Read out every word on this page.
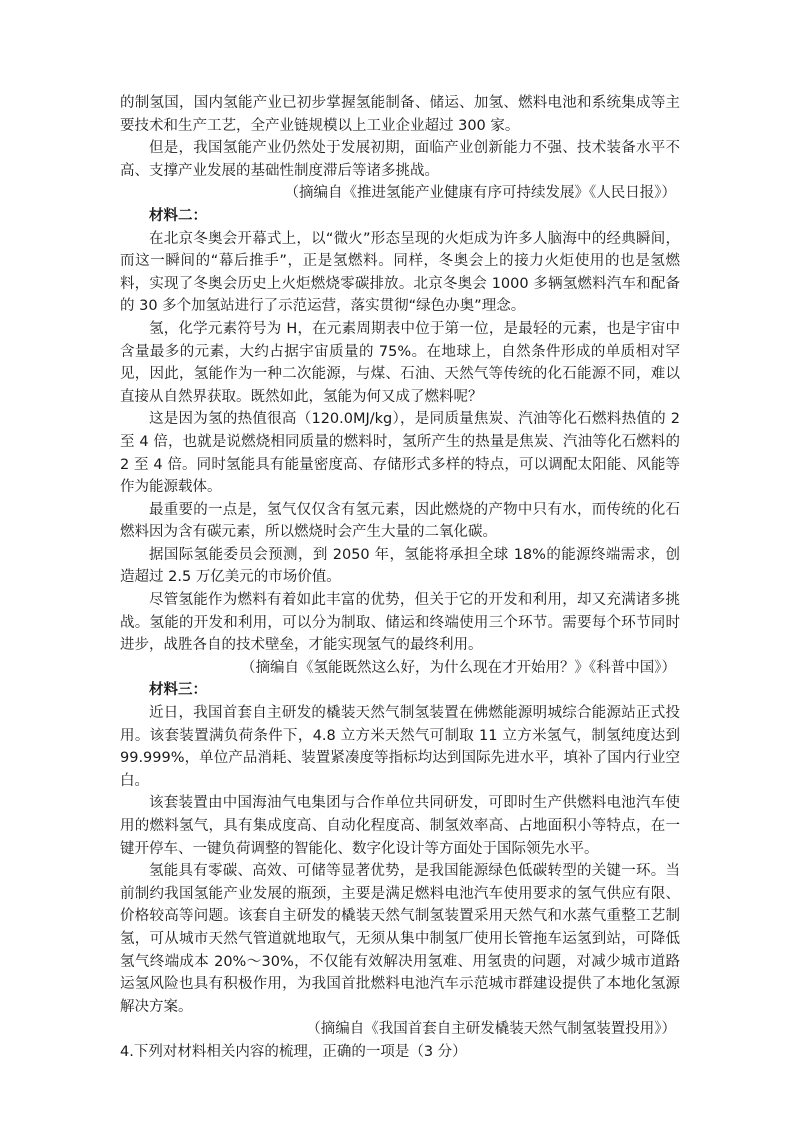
的制氢国，国内氢能产业已初步掌握氢能制备、储运、加氢、燃料电池和系统集成等主要技术和生产工艺，全产业链规模以上工业企业超过 300 家。
但是，我国氢能产业仍然处于发展初期，面临产业创新能力不强、技术装备水平不高、支撑产业发展的基础性制度滞后等诸多挑战。
（摘编自《推进氢能产业健康有序可持续发展》《人民日报》）
材料二：
在北京冬奥会开幕式上，以“微火”形态呈现的火炬成为许多人脑海中的经典瞬间，而这一瞬间的“幕后推手”，正是氢燃料。同样，冬奥会上的接力火炬使用的也是氢燃料，实现了冬奥会历史上火炬燃烧零碳排放。北京冬奥会 1000 多辆氢燃料汽车和配备的 30 多个加氢站进行了示范运营，落实贯彻“绿色办奥”理念。
氢，化学元素符号为 H，在元素周期表中位于第一位，是最轻的元素，也是宇宙中含量最多的元素，大约占据宇宙质量的 75%。在地球上，自然条件形成的单质相对罕见，因此，氢能作为一种二次能源，与煤、石油、天然气等传统的化石能源不同，难以直接从自然界获取。既然如此，氢能为何又成了燃料呢？
这是因为氢的热值很高（120.0MJ/kg），是同质量焦炭、汽油等化石燃料热值的 2 至 4 倍，也就是说燃烧相同质量的燃料时，氢所产生的热量是焦炭、汽油等化石燃料的 2 至 4 倍。同时氢能具有能量密度高、存储形式多样的特点，可以调配太阳能、风能等作为能源载体。
最重要的一点是，氢气仅仅含有氢元素，因此燃烧的产物中只有水，而传统的化石燃料因为含有碳元素，所以燃烧时会产生大量的二氧化碳。
据国际氢能委员会预测，到 2050 年，氢能将承担全球 18%的能源终端需求，创造超过 2.5 万亿美元的市场价值。
尽管氢能作为燃料有着如此丰富的优势，但关于它的开发和利用，却又充满诸多挑战。氢能的开发和利用，可以分为制取、储运和终端使用三个环节。需要每个环节同时进步，战胜各自的技术壁垒，才能实现氢气的最终利用。
（摘编自《氢能既然这么好，为什么现在才开始用？》《科普中国》）
材料三：
近日，我国首套自主研发的橇装天然气制氢装置在佛燃能源明城综合能源站正式投用。该套装置满负荷条件下，4.8 立方米天然气可制取 11 立方米氢气，制氢纯度达到 99.999%，单位产品消耗、装置紧凑度等指标均达到国际先进水平，填补了国内行业空白。
该套装置由中国海油气电集团与合作单位共同研发，可即时生产供燃料电池汽车使用的燃料氢气，具有集成度高、自动化程度高、制氢效率高、占地面积小等特点，在一键开停车、一键负荷调整的智能化、数字化设计等方面处于国际领先水平。
氢能具有零碳、高效、可储等显著优势，是我国能源绿色低碳转型的关键一环。当前制约我国氢能产业发展的瓶颈，主要是满足燃料电池汽车使用要求的氢气供应有限、价格较高等问题。该套自主研发的橇装天然气制氢装置采用天然气和水蒸气重整工艺制氢，可从城市天然气管道就地取气，无须从集中制氢厂使用长管拖车运氢到站，可降低氢气终端成本 20%～30%，不仅能有效解决用氢难、用氢贵的问题，对减少城市道路运氢风险也具有积极作用，为我国首批燃料电池汽车示范城市群建设提供了本地化氢源解决方案。
（摘编自《我国首套自主研发橇装天然气制氢装置投用》）
4.下列对材料相关内容的梳理，正确的一项是（3 分）
